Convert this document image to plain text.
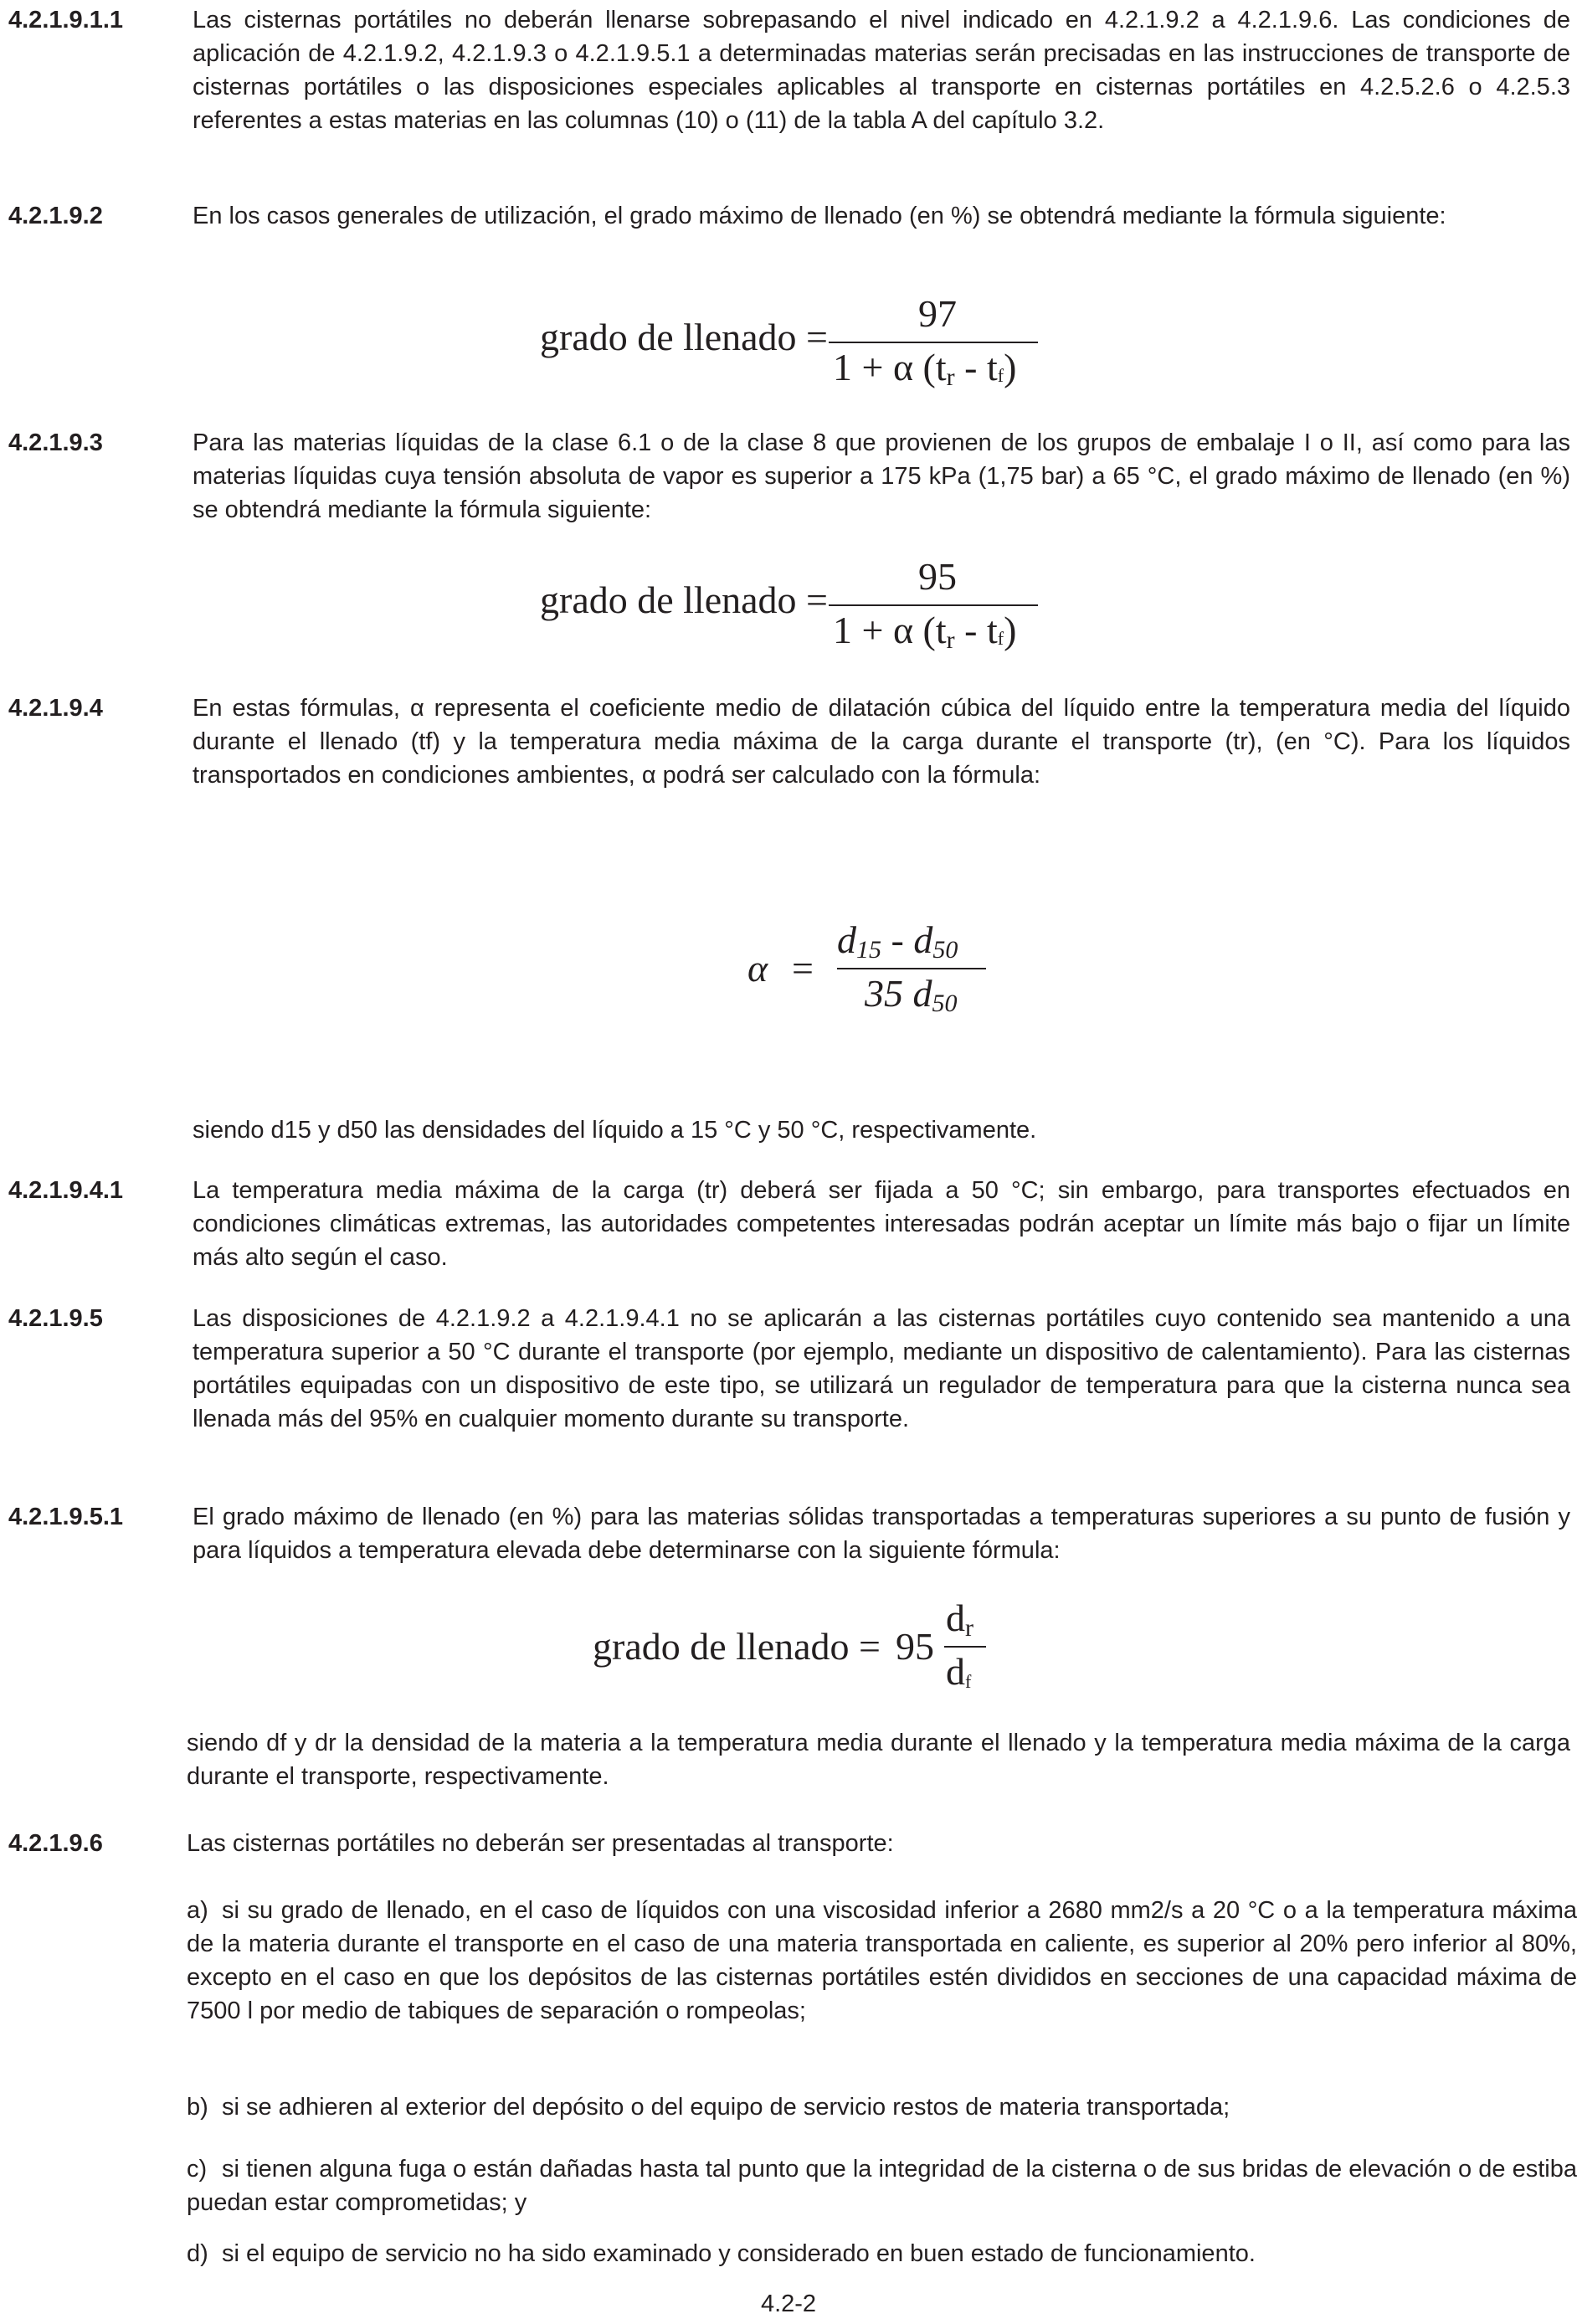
4.2.1.9.1.1	Las cisternas portátiles no deberán llenarse sobrepasando el nivel indicado en 4.2.1.9.2 a 4.2.1.9.6. Las condiciones de aplicación de 4.2.1.9.2, 4.2.1.9.3 o 4.2.1.9.5.1 a determinadas materias serán precisadas en las instrucciones de transporte de cisternas portátiles o las disposiciones especiales aplicables al transporte en cisternas portátiles en 4.2.5.2.6 o 4.2.5.3 referentes a estas materias en las columnas (10) o (11) de la tabla A del capítulo 3.2.
4.2.1.9.2	En los casos generales de utilización, el grado máximo de llenado (en %) se obtendrá mediante la fórmula siguiente:
grado de llenado =
97
1 + α $(t_r - tf)$
4.2.1.9.3	Para las materias líquidas de la clase 6.1 o de la clase 8 que provienen de los grupos de embalaje I o II, así como para las materias líquidas cuya tensión absoluta de vapor es superior a 175 kPa (1,75 bar) a 65 °C, el grado máximo de llenado (en %) se obtendrá mediante la fórmula siguiente:
grado de llenado =
95
1 + α $(t_r - tf)$
4.2.1.9.4	En estas fórmulas, α representa el coeficiente medio de dilatación cúbica del líquido entre la temperatura media del líquido durante el llenado (tf) y la temperatura media máxima de la carga durante el transporte (tr), (en °C). Para los líquidos transportados en condiciones ambientes, α podrá ser calculado con la fórmula:
α =
$d_{15} - d_{50}$
35 $d_{50}$
siendo d15 y d50 las densidades del líquido a 15 °C y 50 °C, respectivamente.
4.2.1.9.4.1	La temperatura media máxima de la carga (tr) deberá ser fijada a 50 °C; sin embargo, para transportes efectuados en condiciones climáticas extremas, las autoridades competentes interesadas podrán aceptar un límite más bajo o fijar un límite más alto según el caso.
4.2.1.9.5	Las disposiciones de 4.2.1.9.2 a 4.2.1.9.4.1 no se aplicarán a las cisternas portátiles cuyo contenido sea mantenido a una temperatura superior a 50 °C durante el transporte (por ejemplo, mediante un dispositivo de calentamiento). Para las cisternas portátiles equipadas con un dispositivo de este tipo, se utilizará un regulador de temperatura para que la cisterna nunca sea llenada más del 95% en cualquier momento durante su transporte.
4.2.1.9.5.1	El grado máximo de llenado (en %) para las materias sólidas transportadas a temperaturas superiores a su punto de fusión y para líquidos a temperatura elevada debe determinarse con la siguiente fórmula:
grado de llenado = 95
$d_r$
df
siendo df y dr la densidad de la materia a la temperatura media durante el llenado y la temperatura media máxima de la carga durante el transporte, respectivamente.
4.2.1.9.6	Las cisternas portátiles no deberán ser presentadas al transporte:
a) si su grado de llenado, en el caso de líquidos con una viscosidad inferior a 2680 mm2/s a 20 °C o a la temperatura máxima de la materia durante el transporte en el caso de una materia transportada en caliente, es superior al 20% pero inferior al 80%, excepto en el caso en que los depósitos de las cisternas portátiles estén divididos en secciones de una capacidad máxima de 7500 l por medio de tabiques de separación o rompeolas;
b) si se adhieren al exterior del depósito o del equipo de servicio restos de materia transportada;
c) si tienen alguna fuga o están dañadas hasta tal punto que la integridad de la cisterna o de sus bridas de elevación o de estiba puedan estar comprometidas; y
d) si el equipo de servicio no ha sido examinado y considerado en buen estado de funcionamiento.
4.2-2
